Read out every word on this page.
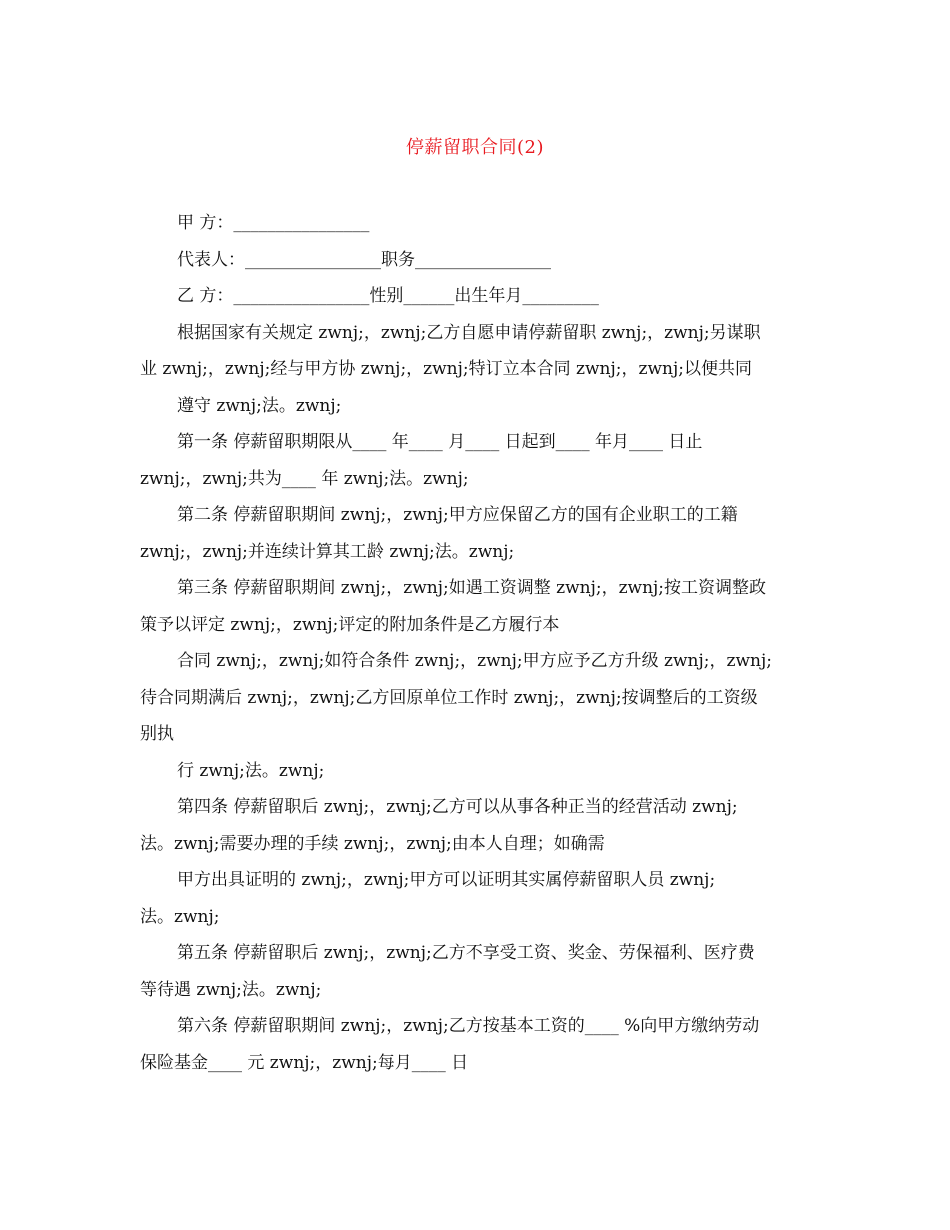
停薪留职合同(2)
甲 方：________________
代表人：________________职务________________
乙 方：________________性别______出生年月_________
根据国家有关规定 zwnj;，zwnj;乙方自愿申请停薪留职 zwnj;，zwnj;另谋职
业 zwnj;，zwnj;经与甲方协 zwnj;，zwnj;特订立本合同 zwnj;，zwnj;以便共同
遵守 zwnj;法。zwnj;
第一条 停薪留职期限从____ 年____ 月____ 日起到____ 年月____ 日止
zwnj;，zwnj;共为____ 年 zwnj;法。zwnj;
第二条 停薪留职期间 zwnj;，zwnj;甲方应保留乙方的国有企业职工的工籍
zwnj;，zwnj;并连续计算其工龄 zwnj;法。zwnj;
第三条 停薪留职期间 zwnj;，zwnj;如遇工资调整 zwnj;，zwnj;按工资调整政
策予以评定 zwnj;，zwnj;评定的附加条件是乙方履行本
合同 zwnj;，zwnj;如符合条件 zwnj;，zwnj;甲方应予乙方升级 zwnj;，zwnj;
待合同期满后 zwnj;，zwnj;乙方回原单位工作时 zwnj;，zwnj;按调整后的工资级
别执
行 zwnj;法。zwnj;
第四条 停薪留职后 zwnj;，zwnj;乙方可以从事各种正当的经营活动 zwnj;
法。zwnj;需要办理的手续 zwnj;，zwnj;由本人自理；如确需
甲方出具证明的 zwnj;，zwnj;甲方可以证明其实属停薪留职人员 zwnj;
法。zwnj;
第五条 停薪留职后 zwnj;，zwnj;乙方不享受工资、奖金、劳保福利、医疗费
等待遇 zwnj;法。zwnj;
第六条 停薪留职期间 zwnj;，zwnj;乙方按基本工资的____ %向甲方缴纳劳动
保险基金____ 元 zwnj;，zwnj;每月____ 日
